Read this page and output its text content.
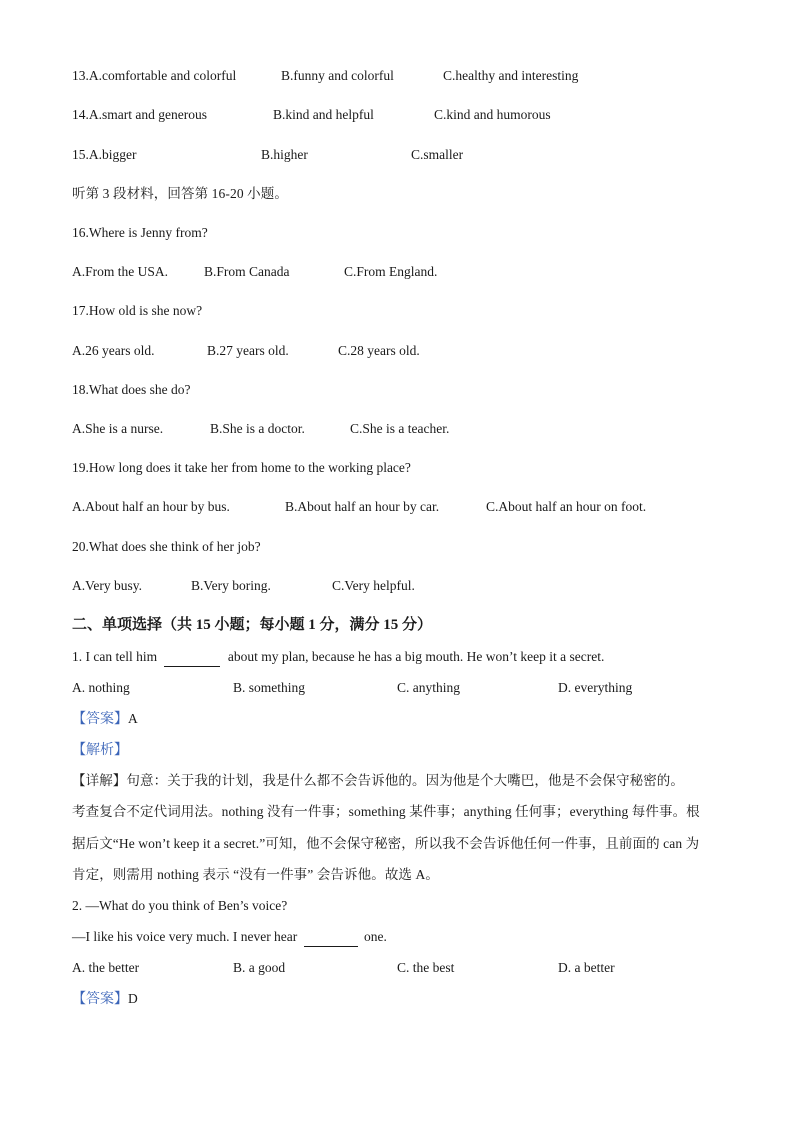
13.A.comfortable and colorful	B.funny and colorful	C.healthy and interesting
14.A.smart and generous	B.kind and helpful	C.kind and humorous
15.A.bigger	B.higher	C.smaller
听第 3 段材料，回答第 16-20 小题。
16.Where is Jenny from?
A.From the USA.	B.From Canada	C.From England.
17.How old is she now?
A.26 years old.	B.27 years old.	C.28 years old.
18.What does she do?
A.She is a nurse.	B.She is a doctor.	C.She is a teacher.
19.How long does it take her from home to the working place?
A.About half an hour by bus.	B.About half an hour by car.	C.About half an hour on foot.
20.What does she think of her job?
A.Very busy.	B.Very boring.	C.Very helpful.
二、单项选择（共 15 小题；每小题 1 分，满分 15 分）
1. I can tell him	about my plan, because he has a big mouth. He won’t keep it a secret.
A. nothing	B. something	C. anything	D. everything
【答案】A
【解析】
【详解】句意：关于我的计划，我是什么都不会告诉他的。因为他是个大嘴巴，他是不会保守秘密的。
考查复合不定代词用法。nothing 没有一件事；something 某件事；anything 任何事；everything 每件事。根
据后文“He won’t keep it a secret.”可知，他不会保守秘密，所以我不会告诉他任何一件事，且前面的 can 为
肯定，则需用 nothing 表示 “没有一件事” 会告诉他。故选 A。
2. —What do you think of Ben’s voice?
—I like his voice very much. I never hear	one.
A. the better	B. a good	C. the best	D. a better
【答案】D
